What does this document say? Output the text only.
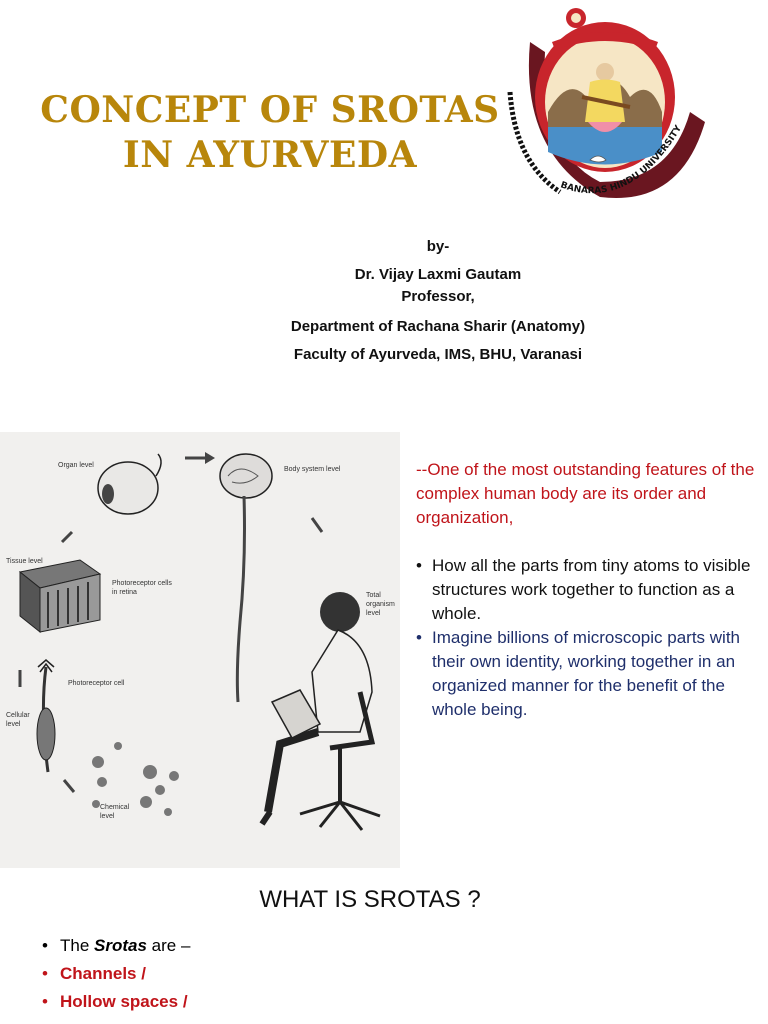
CONCEPT OF SROTAS
IN AYURVEDA
BANARAS HINDU UNIVERSITY
by-
Dr. Vijay Laxmi Gautam
Professor,
Department of Rachana Sharir (Anatomy)
Faculty of Ayurveda, IMS, BHU, Varanasi
Organ level
Body system level
Tissue level
Photoreceptor cells
in retina	Total
organism
level
Photoreceptor cell
Cellular
level
Chemical
level
--One of the most outstanding features of the complex human body are its order and organization,
• How all the parts from tiny atoms to visible structures work together to function as a whole.
• Imagine billions of microscopic parts with their own identity, working together in an organized manner for the benefit of the whole being.
WHAT IS SROTAS ?
• The Srotas are –
• Channels /
• Hollow spaces /
